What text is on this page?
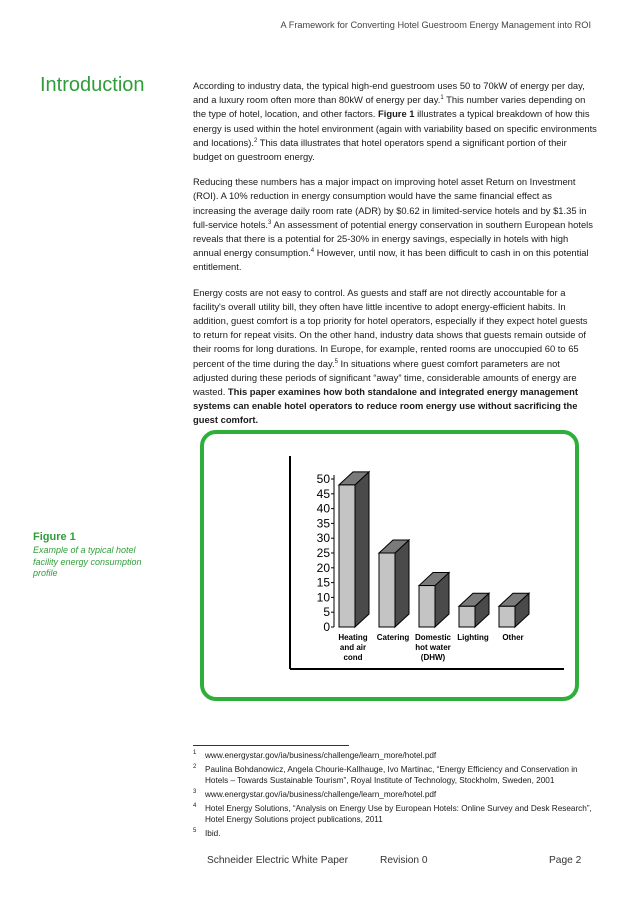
A Framework for Converting Hotel Guestroom Energy Management into ROI
Introduction	According to industry data, the typical high-end guestroom uses 50 to 70kW of energy per day, and a luxury room often more than 80kW of energy per day.$^1$ This number varies depending on the type of hotel, location, and other factors. Figure 1 illustrates a typical breakdown of how this energy is used within the hotel environment (again with variability based on specific environments and locations).$^2$ This data illustrates that hotel operators spend a significant portion of their budget on guestroom energy.

Reducing these numbers has a major impact on improving hotel asset Return on Investment (ROI). A 10% reduction in energy consumption would have the same financial effect as increasing the average daily room rate (ADR) by $0.62 in limited-service hotels and by $1.35 in full-service hotels.$^3$ An assessment of potential energy conservation in southern European hotels reveals that there is a potential for 25-30% in energy savings, especially in hotels with high annual energy consumption.$^4$ However, until now, it has been difficult to cash in on this potential entitlement.

Energy costs are not easy to control. As guests and staff are not directly accountable for a facility's overall utility bill, they often have little incentive to adopt energy-efficient habits. In addition, guest comfort is a top priority for hotel operators, especially if they expect hotel guests to return for repeat visits. On the other hand, industry data shows that guests remain outside of their rooms for long durations. In Europe, for example, rented rooms are unoccupied 60 to 65 percent of the time during the day.$^5$ In situations where guest comfort parameters are not adjusted during these periods of significant “away” time, considerable amounts of energy are wasted. This paper examines how both standalone and integrated energy management systems can enable hotel operators to reduce room energy use without sacrificing the guest comfort.

Figure 1
Example of a typical hotel facility energy consumption profile
50
45
40
35
30
25
20
15
10
5
0
Heating
and air
cond
Catering Domestic
hot water
(DHW)
Lighting Other
1 www.energystar.gov/ia/business/challenge/learn_more/hotel.pdf
2 Paulina Bohdanowicz, Angela Chourie-Kallhauge, Ivo Martinac, “Energy Efficiency and Conservation in Hotels – Towards Sustainable Tourism”, Royal Institute of Technology, Stockholm, Sweden, 2001
3 www.energystar.gov/ia/business/challenge/learn_more/hotel.pdf
4 Hotel Energy Solutions, “Analysis on Energy Use by European Hotels: Online Survey and Desk Research”, Hotel Energy Solutions project publications, 2011
5 Ibid.
Schneider Electric White Paper	Revision 0	Page 2
